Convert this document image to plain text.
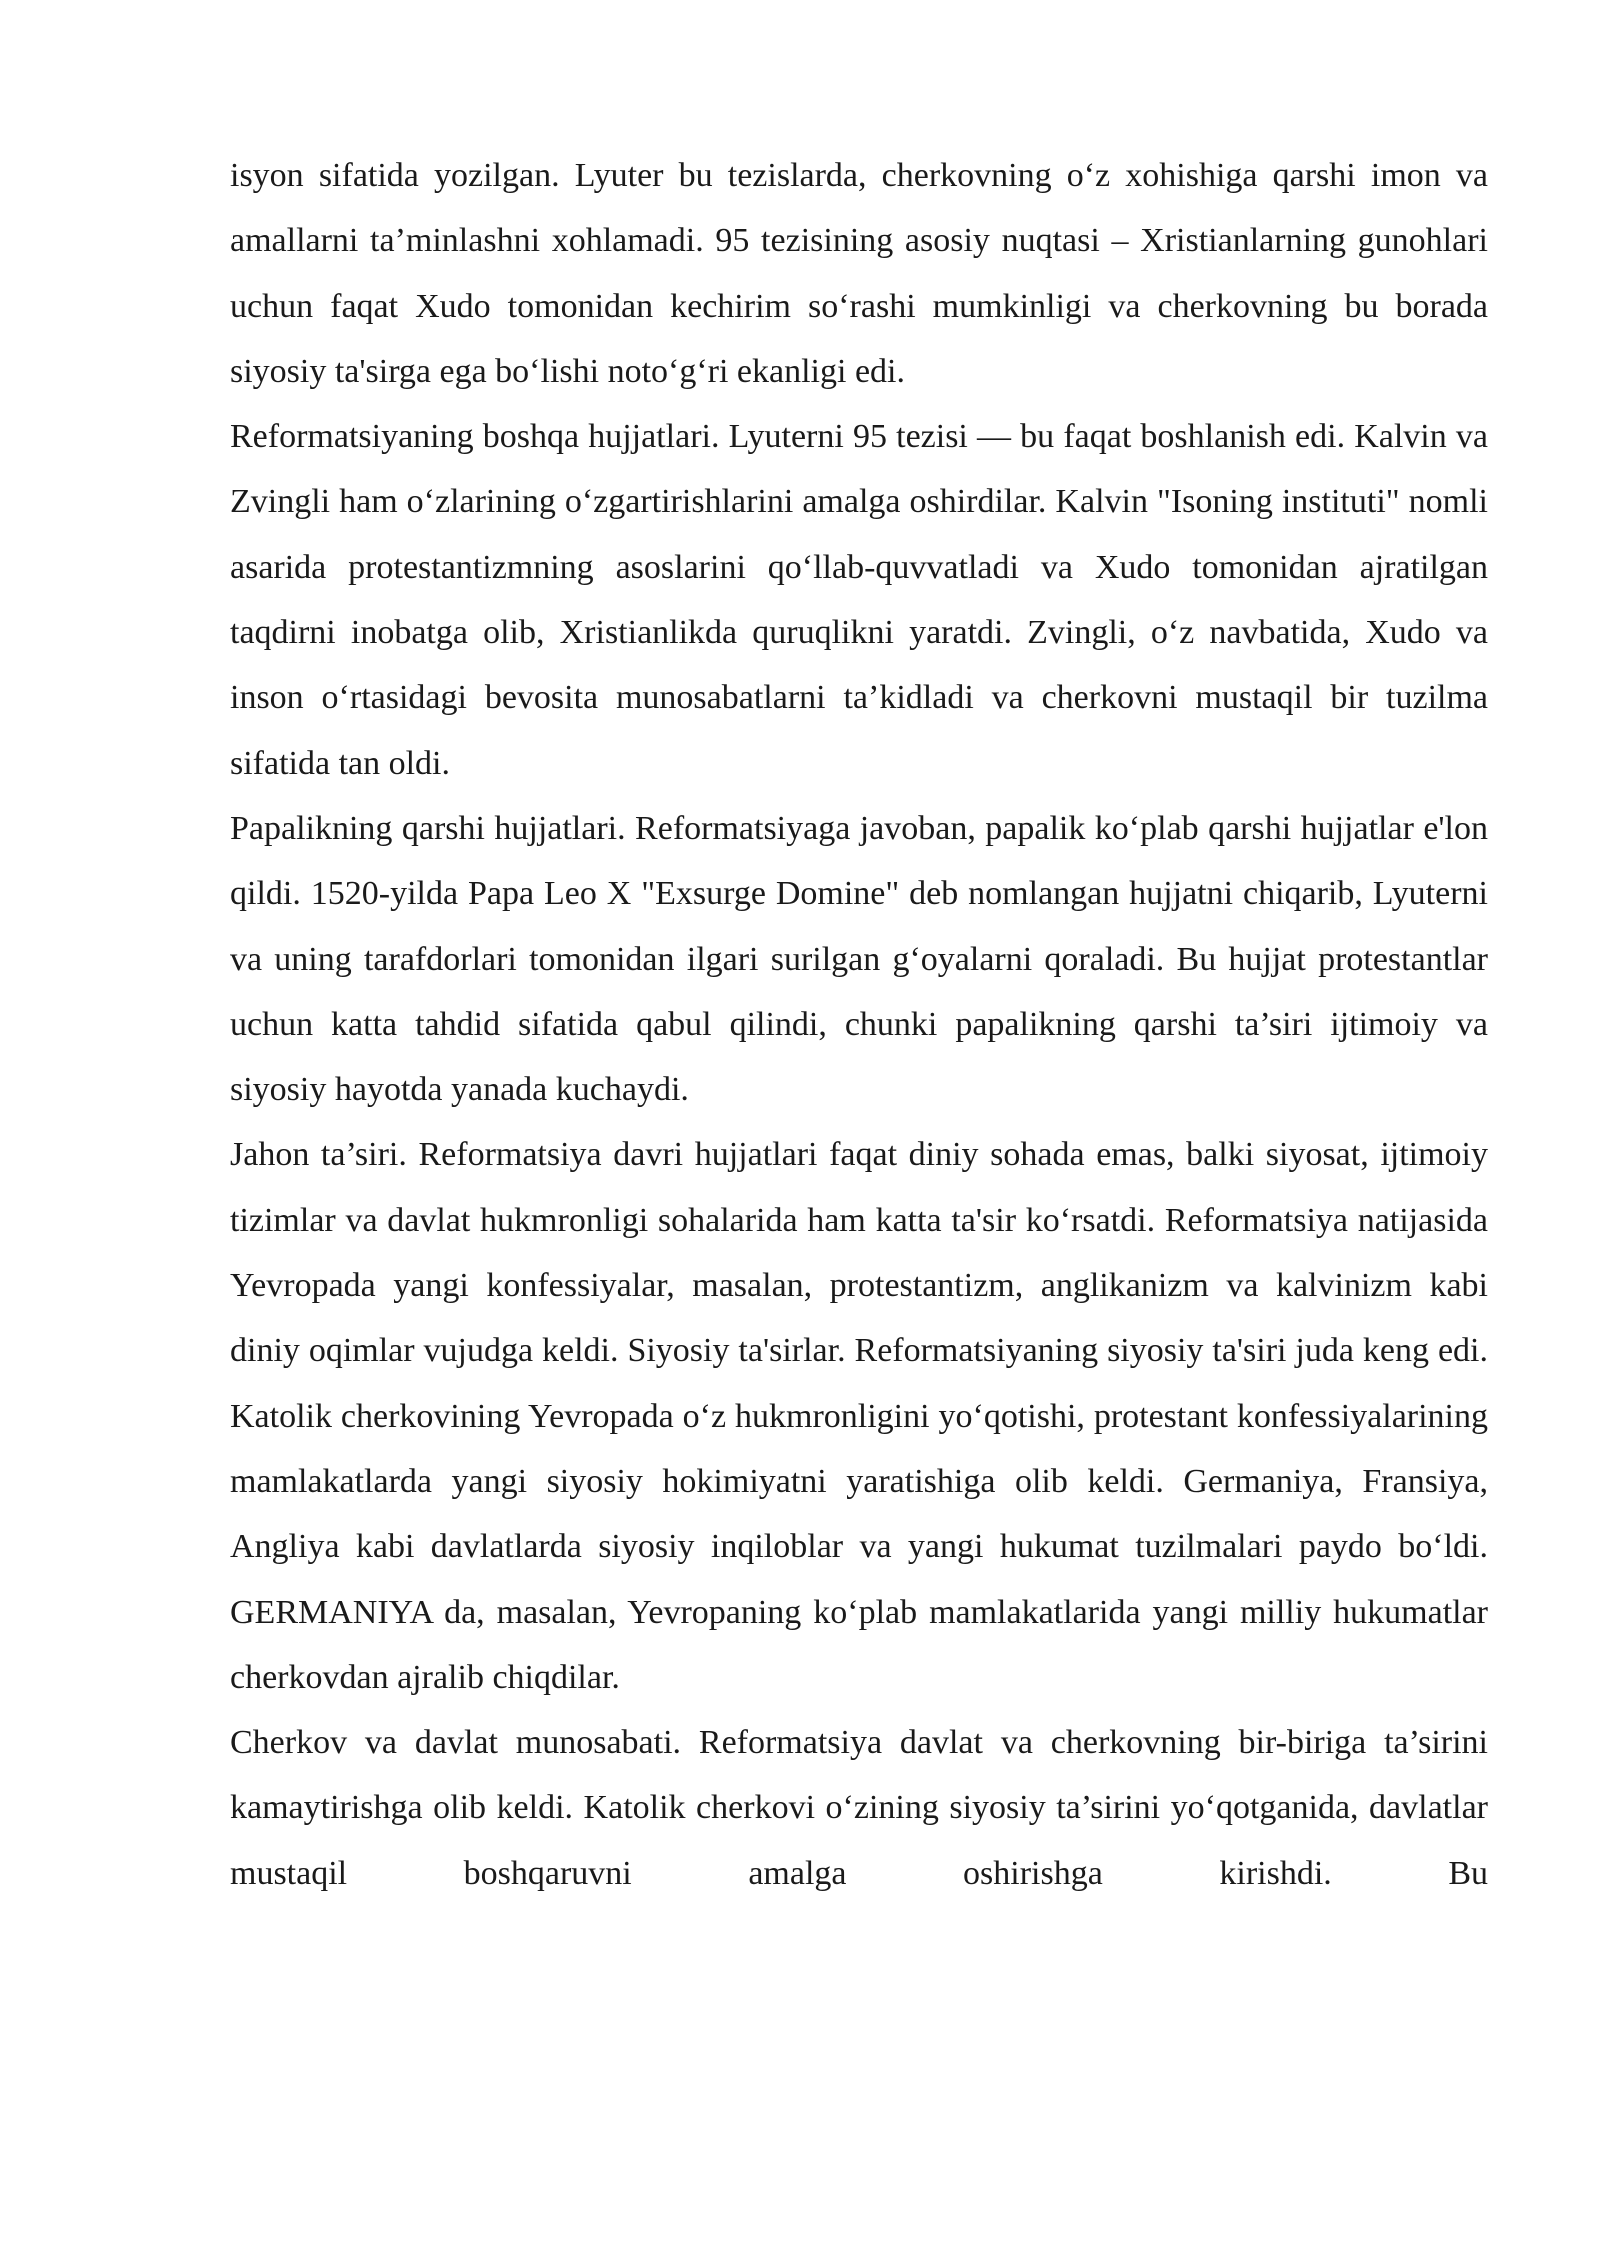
isyon sifatida yozilgan. Lyuter bu tezislarda, cherkovning o‘z xohishiga qarshi imon va amallarni ta’minlashni xohlamadi. 95 tezisining asosiy nuqtasi – Xristianlarning gunohlari uchun faqat Xudo tomonidan kechirim so‘rashi mumkinligi va cherkovning bu borada siyosiy ta'sirga ega bo‘lishi noto‘g‘ri ekanligi edi.

Reformatsiyaning boshqa hujjatlari. Lyuterni 95 tezisi — bu faqat boshlanish edi. Kalvin va Zvingli ham o‘zlarining o‘zgartirishlarini amalga oshirdilar. Kalvin "Isoning instituti" nomli asarida protestantizmning asoslarini qo‘llab-quvvatladi va Xudo tomonidan ajratilgan taqdirni inobatga olib, Xristianlikda quruqlikni yaratdi. Zvingli, o‘z navbatida, Xudo va inson o‘rtasidagi bevosita munosabatlarni ta’kidladi va cherkovni mustaqil bir tuzilma sifatida tan oldi.

Papalikning qarshi hujjatlari. Reformatsiyaga javoban, papalik ko‘plab qarshi hujjatlar e'lon qildi. 1520-yilda Papa Leo X "Exsurge Domine" deb nomlangan hujjatni chiqarib, Lyuterni va uning tarafdorlari tomonidan ilgari surilgan g‘oyalarni qoraladi. Bu hujjat protestantlar uchun katta tahdid sifatida qabul qilindi, chunki papalikning qarshi ta’siri ijtimoiy va siyosiy hayotda yanada kuchaydi.

Jahon ta’siri. Reformatsiya davri hujjatlari faqat diniy sohada emas, balki siyosat, ijtimoiy tizimlar va davlat hukmronligi sohalarida ham katta ta'sir ko‘rsatdi. Reformatsiya natijasida Yevropada yangi konfessiyalar, masalan, protestantizm, anglikanizm va kalvinizm kabi diniy oqimlar vujudga keldi. Siyosiy ta'sirlar. Reformatsiyaning siyosiy ta'siri juda keng edi. Katolik cherkovining Yevropada o‘z hukmronligini yo‘qotishi, protestant konfessiyalarining mamlakatlarda yangi siyosiy hokimiyatni yaratishiga olib keldi. Germaniya, Fransiya, Angliya kabi davlatlarda siyosiy inqiloblar va yangi hukumat tuzilmalari paydo bo‘ldi. GERMANIYA da, masalan, Yevropaning ko‘plab mamlakatlarida yangi milliy hukumatlar cherkovdan ajralib chiqdilar.

Cherkov va davlat munosabati. Reformatsiya davlat va cherkovning bir-biriga ta’sirini kamaytirishga olib keldi. Katolik cherkovi o‘zining siyosiy ta’sirini yo‘qotganida, davlatlar mustaqil boshqaruvni amalga oshirishga kirishdi. Bu
